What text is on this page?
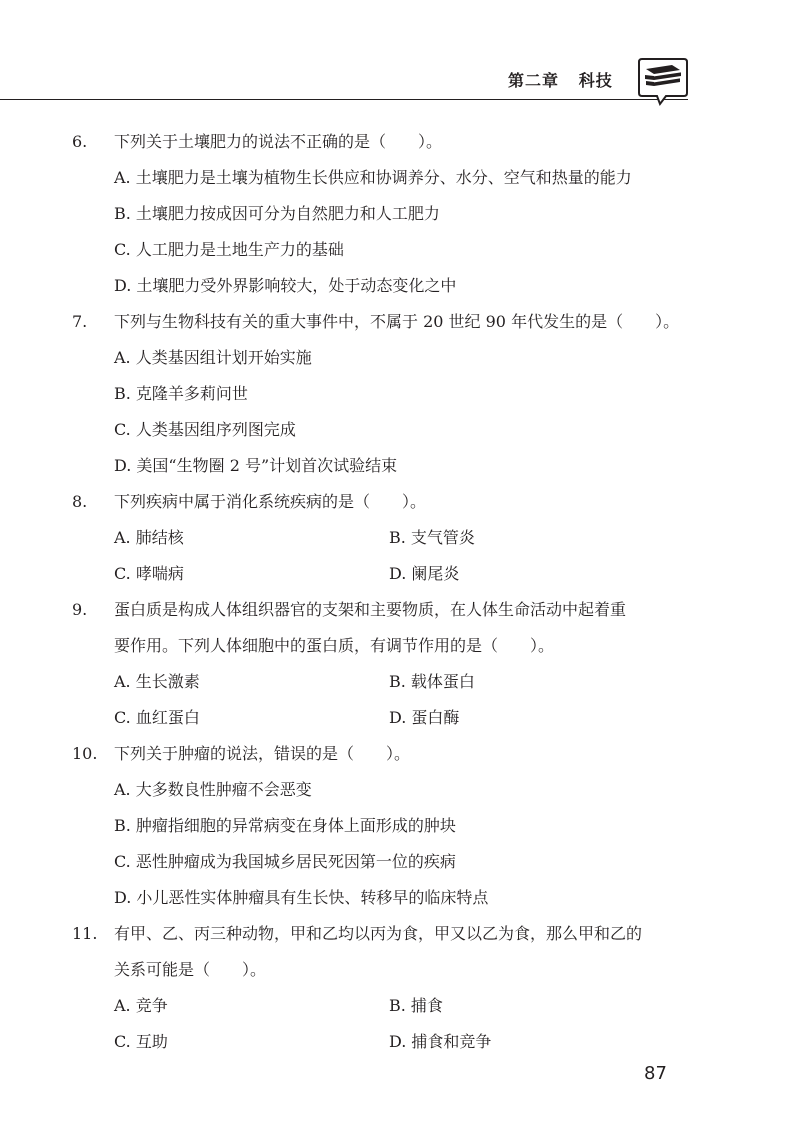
第二章   科技
6.	下列关于土壤肥力的说法不正确的是（　　）。
A. 土壤肥力是土壤为植物生长供应和协调养分、水分、空气和热量的能力
B. 土壤肥力按成因可分为自然肥力和人工肥力
C. 人工肥力是土地生产力的基础
D. 土壤肥力受外界影响较大，处于动态变化之中
7.	下列与生物科技有关的重大事件中，不属于 20 世纪 90 年代发生的是（　　）。
A. 人类基因组计划开始实施
B. 克隆羊多莉问世
C. 人类基因组序列图完成
D. 美国“生物圈 2 号”计划首次试验结束
8.	下列疾病中属于消化系统疾病的是（　　）。
A. 肺结核	B. 支气管炎
C. 哮喘病	D. 阑尾炎
9.	蛋白质是构成人体组织器官的支架和主要物质，在人体生命活动中起着重
要作用。下列人体细胞中的蛋白质，有调节作用的是（　　）。
A. 生长激素	B. 载体蛋白
C. 血红蛋白	D. 蛋白酶
10.	下列关于肿瘤的说法，错误的是（　　）。
A. 大多数良性肿瘤不会恶变
B. 肿瘤指细胞的异常病变在身体上面形成的肿块
C. 恶性肿瘤成为我国城乡居民死因第一位的疾病
D. 小儿恶性实体肿瘤具有生长快、转移早的临床特点
11.	有甲、乙、丙三种动物，甲和乙均以丙为食，甲又以乙为食，那么甲和乙的
关系可能是（　　）。
A. 竞争	B. 捕食
C. 互助	D. 捕食和竞争
87
